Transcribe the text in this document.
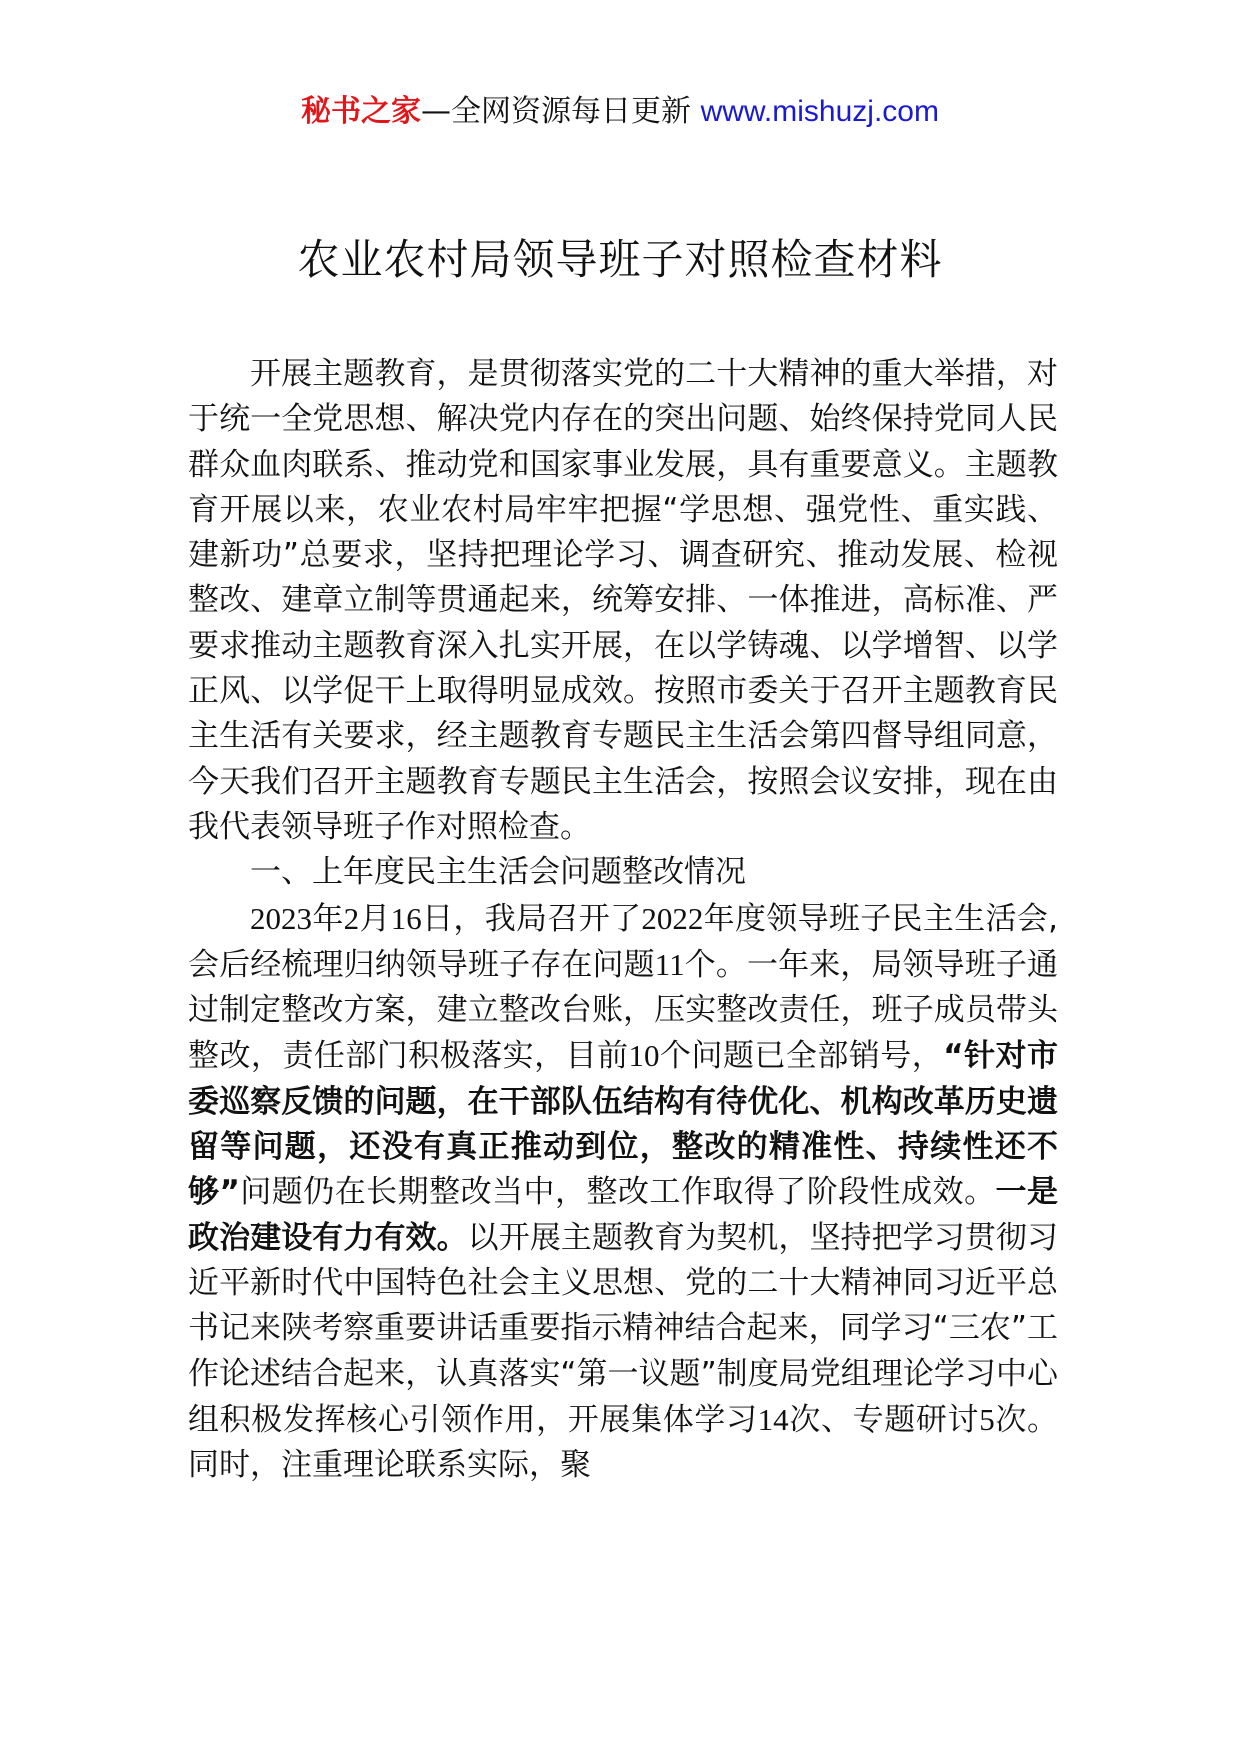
秘书之家—全网资源每日更新 www.mishuzj.com
农业农村局领导班子对照检查材料

开展主题教育，是贯彻落实党的二十大精神的重大举措，对于统一全党思想、解决党内存在的突出问题、始终保持党同人民群众血肉联系、推动党和国家事业发展，具有重要意义。主题教育开展以来，农业农村局牢牢把握“学思想、强党性、重实践、建新功”总要求，坚持把理论学习、调查研究、推动发展、检视整改、建章立制等贯通起来，统筹安排、一体推进，高标准、严要求推动主题教育深入扎实开展，在以学铸魂、以学增智、以学正风、以学促干上取得明显成效。按照市委关于召开主题教育民主生活有关要求，经主题教育专题民主生活会第四督导组同意，今天我们召开主题教育专题民主生活会，按照会议安排，现在由我代表领导班子作对照检查。

一、上年度民主生活会问题整改情况

2023年2月16日，我局召开了2022年度领导班子民主生活会,会后经梳理归纳领导班子存在问题11个。一年来，局领导班子通过制定整改方案，建立整改台账，压实整改责任，班子成员带头整改，责任部门积极落实，目前10个问题已全部销号，“针对市委巡察反馈的问题，在干部队伍结构有待优化、机构改革历史遗留等问题，还没有真正推动到位，整改的精准性、持续性还不够”问题仍在长期整改当中，整改工作取得了阶段性成效。一是政治建设有力有效。以开展主题教育为契机，坚持把学习贯彻习近平新时代中国特色社会主义思想、党的二十大精神同习近平总书记来陕考察重要讲话重要指示精神结合起来，同学习“三农”工作论述结合起来，认真落实“第一议题”制度局党组理论学习中心组积极发挥核心引领作用，开展集体学习14次、专题研讨5次。同时，注重理论联系实际，聚
